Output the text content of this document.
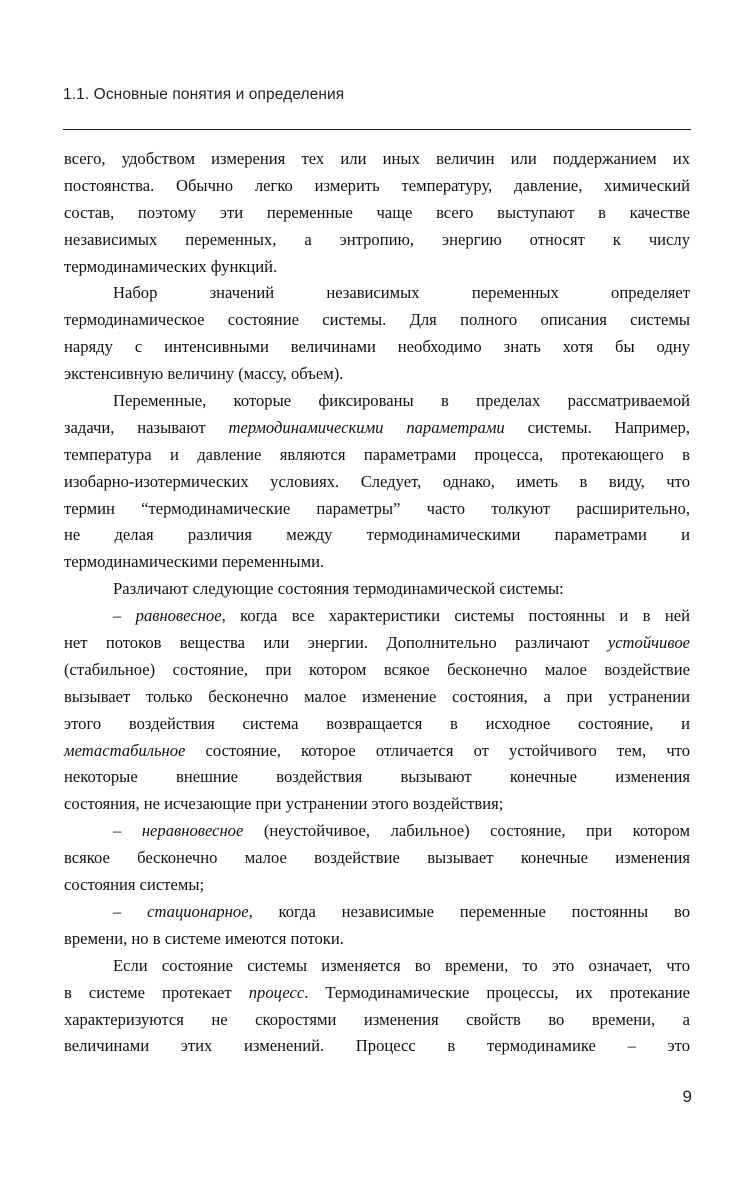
1.1. Основные понятия и определения
всего, удобством измерения тех или иных величин или поддержанием их
постоянства. Обычно легко измерить температуру, давление, химический
состав, поэтому эти переменные чаще всего выступают в качестве
независимых переменных, а энтропию, энергию относят к числу
термодинамических функций.
Набор значений независимых переменных определяет
термодинамическое состояние системы. Для полного описания системы
наряду с интенсивными величинами необходимо знать хотя бы одну
экстенсивную величину (массу, объем).
Переменные, которые фиксированы в пределах рассматриваемой
задачи, называют термодинамическими параметрами системы. Например,
температура и давление являются параметрами процесса, протекающего в
изобарно-изотермических условиях. Следует, однако, иметь в виду, что
термин “термодинамические параметры” часто толкуют расширительно,
не делая различия между термодинамическими параметрами и
термодинамическими переменными.
Различают следующие состояния термодинамической системы:
– равновесное, когда все характеристики системы постоянны и в ней
нет потоков вещества или энергии. Дополнительно различают устойчивое
(стабильное) состояние, при котором всякое бесконечно малое воздействие
вызывает только бесконечно малое изменение состояния, а при устранении
этого воздействия система возвращается в исходное состояние, и
метастабильное состояние, которое отличается от устойчивого тем, что
некоторые внешние воздействия вызывают конечные изменения
состояния, не исчезающие при устранении этого воздействия;
– неравновесное (неустойчивое, лабильное) состояние, при котором
всякое бесконечно малое воздействие вызывает конечные изменения
состояния системы;
– стационарное, когда независимые переменные постоянны во
времени, но в системе имеются потоки.
Если состояние системы изменяется во времени, то это означает, что
в системе протекает процесс. Термодинамические процессы, их протекание
характеризуются не скоростями изменения свойств во времени, а
величинами этих изменений. Процесс в термодинамике – это
9
